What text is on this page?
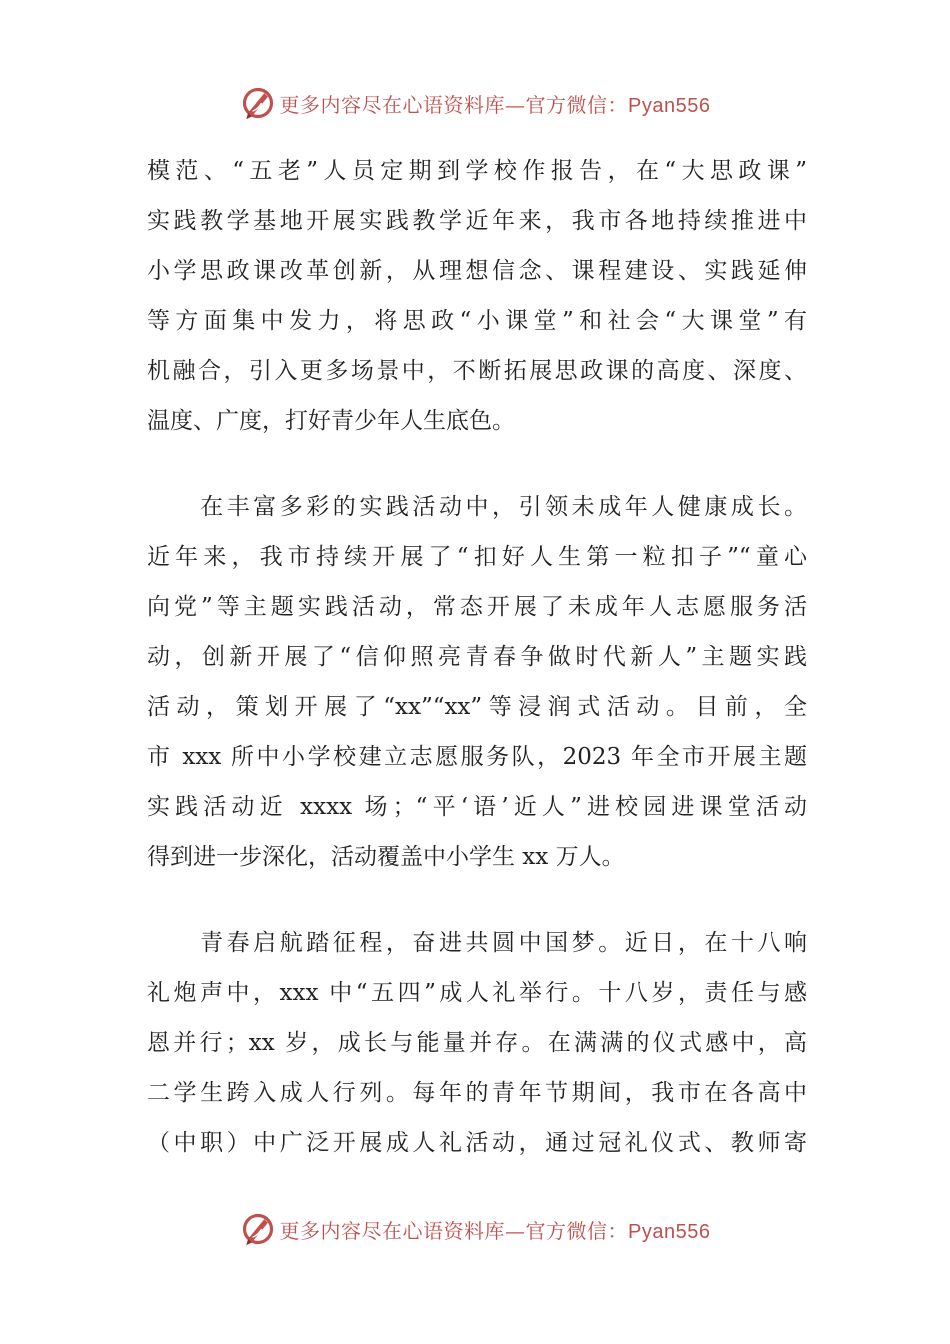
更多内容尽在心语资料库—官方微信：Pyan556
模范、“五老”人员定期到学校作报告，在“大思政课”
实践教学基地开展实践教学近年来，我市各地持续推进中
小学思政课改革创新，从理想信念、课程建设、实践延伸
等方面集中发力，将思政“小课堂”和社会“大课堂”有
机融合，引入更多场景中，不断拓展思政课的高度、深度、
温度、广度，打好青少年人生底色。
　　在丰富多彩的实践活动中，引领未成年人健康成长。
近年来，我市持续开展了“扣好人生第一粒扣子”“童心
向党”等主题实践活动，常态开展了未成年人志愿服务活
动，创新开展了“信仰照亮青春争做时代新人”主题实践
活动，策划开展了“xx”“xx”等浸润式活动。目前，全
市 xxx 所中小学校建立志愿服务队，2023 年全市开展主题
实践活动近 xxxx 场；“平‘语’近人”进校园进课堂活动
得到进一步深化，活动覆盖中小学生 xx 万人。
　　青春启航踏征程，奋进共圆中国梦。近日，在十八响
礼炮声中，xxx 中“五四”成人礼举行。十八岁，责任与感
恩并行；xx 岁，成长与能量并存。在满满的仪式感中，高
二学生跨入成人行列。每年的青年节期间，我市在各高中
（中职）中广泛开展成人礼活动，通过冠礼仪式、教师寄
更多内容尽在心语资料库—官方微信：Pyan556
